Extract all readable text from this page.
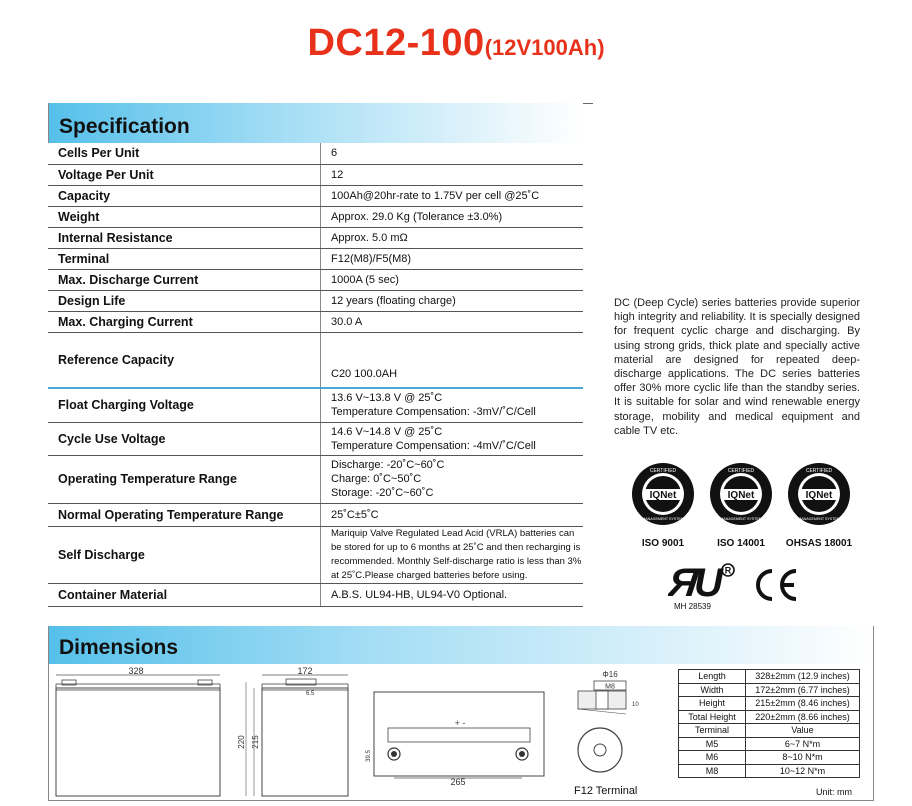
DC12-100(12V100Ah)
Specification
Cells Per Unit	6

Voltage Per Unit	12

Capacity	100Ah@20hr-rate to 1.75V per cell @25˚C

Weight	Approx. 29.0 Kg (Tolerance ±3.0%)

Internal Resistance	Approx. 5.0 mΩ

Terminal	F12(M8)/F5(M8)

Max. Discharge Current	1000A (5 sec)

Design Life	12 years (floating charge)

Max. Charging Current	30.0 A

Reference Capacity	C20 100.0AH

Float Charging Voltage	13.6 V~13.8 V @ 25˚C
Temperature Compensation: -3mV/˚C/Cell

Cycle Use Voltage	14.6 V~14.8 V @ 25˚C
Temperature Compensation: -4mV/˚C/Cell

Operating Temperature Range	Discharge: -20˚C~60˚C
Charge: 0˚C~50˚C
Storage: -20˚C~60˚C

Normal Operating Temperature Range	25˚C±5˚C

Self Discharge	Mariquip Valve Regulated Lead Acid (VRLA) batteries can be stored for up to 6 months at 25˚C and then recharging is recommended. Monthly Self-discharge ratio is less than 3% at 25˚C.Please charged batteries before using.

Container Material	A.B.S. UL94-HB, UL94-V0 Optional.
DC (Deep Cycle) series batteries provide superior high integrity and reliability. It is specially designed for frequent cyclic charge and discharging. By using strong grids, thick plate and specially active material are designed for repeated deep-discharge applications. The DC series batteries offer 30% more cyclic life than the standby series. It is suitable for solar and wind renewable energy storage, mobility and medical equipment and cable TV etc.
IQNet
CERTIFIED
MANAGEMENT SYSTEM
ISO 9001
IQNet
CERTIFIED
MANAGEMENT SYSTEM
ISO 14001
IQNet
CERTIFIED
MANAGEMENT SYSTEM
OHSAS 18001
Я
U R
MH 28539
Dimensions
328	172
6.5
220 215
+ -
39.5
265
Φ16
M8
10
Length	328±2mm (12.9 inches)
Width	172±2mm (6.77 inches)
Height	215±2mm (8.46 inches)
Total Height	220±2mm (8.66 inches)
Terminal	Value
M5	6~7 N*m
M6	8~10 N*m
M8	10~12 N*m
F12 Terminal	Unit: mm
